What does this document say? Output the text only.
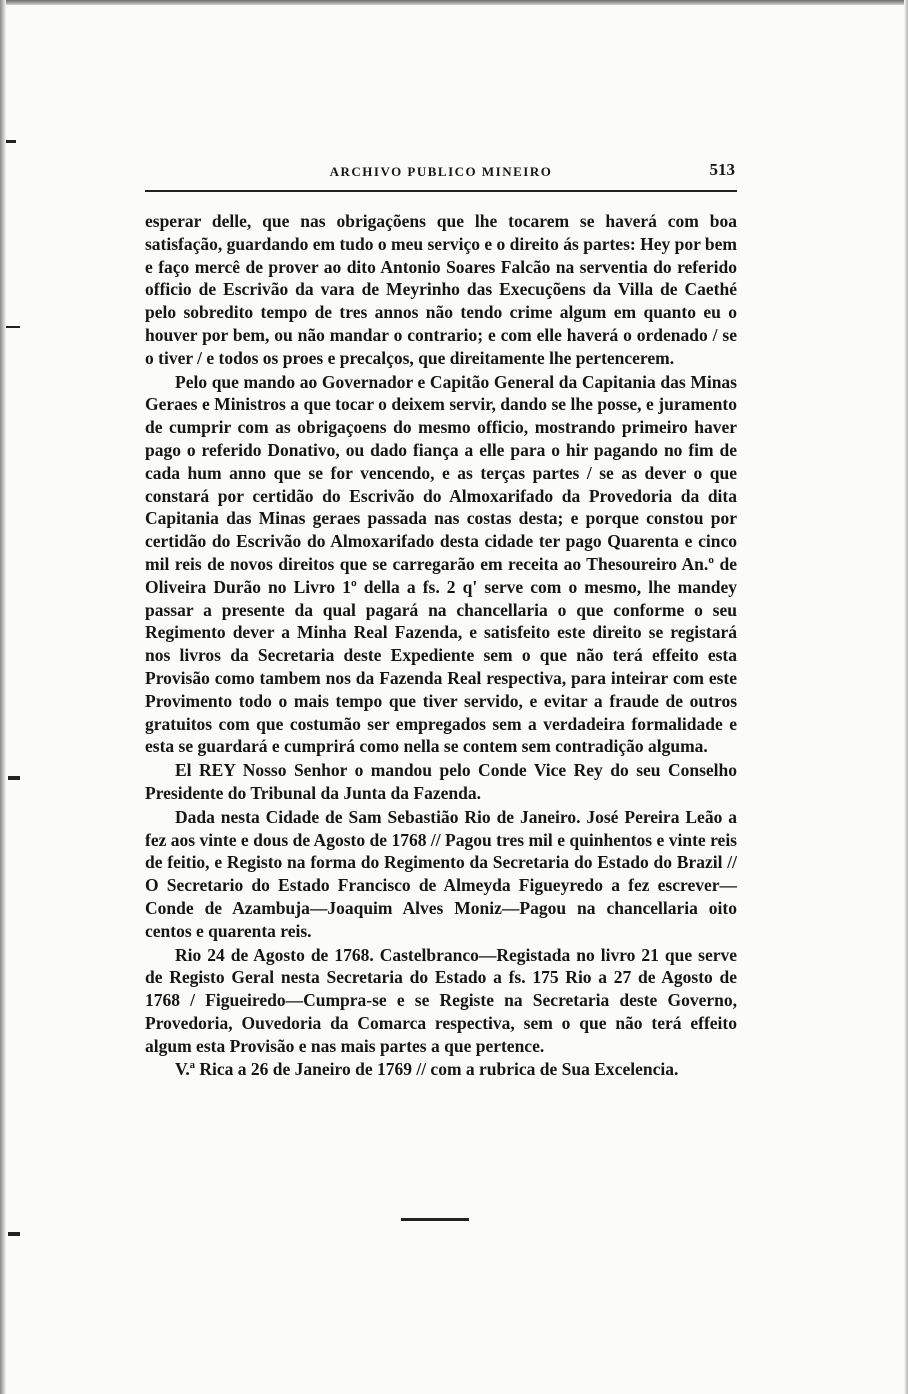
ARCHIVO PUBLICO MINEIRO	513

esperar delle, que nas obrigaçõens que lhe tocarem se haverá com boa satisfação, guardando em tudo o meu serviço e o direito ás partes: Hey por bem e faço mercê de prover ao dito Antonio Soares Falcão na serventia do referido officio de Escrivão da vara de Meyrinho das Execuçõens da Villa de Caethé pelo sobredito tempo de tres annos não tendo crime algum em quanto eu o houver por bem, ou não mandar o contrario; e com elle haverá o ordenado / se o tiver / e todos os proes e precalços, que direitamente lhe pertencerem.

Pelo que mando ao Governador e Capitão General da Capitania das Minas Geraes e Ministros a que tocar o deixem servir, dando se lhe posse, e juramento de cumprir com as obrigaçoens do mesmo officio, mostrando primeiro haver pago o referido Donativo, ou dado fiança a elle para o hir pagando no fim de cada hum anno que se for vencendo, e as terças partes / se as dever o que constará por certidão do Escrivão do Almoxarifado da Provedoria da dita Capitania das Minas geraes passada nas costas desta; e porque constou por certidão do Escrivão do Almoxarifado desta cidade ter pago Quarenta e cinco mil reis de novos direitos que se carregarão em receita ao Thesoureiro An.º de Oliveira Durão no Livro 1º della a fs. 2 q' serve com o mesmo, lhe mandey passar a presente da qual pagará na chancellaria o que conforme o seu Regimento dever a Minha Real Fazenda, e satisfeito este direito se registará nos livros da Secretaria deste Expediente sem o que não terá effeito esta Provisão como tambem nos da Fazenda Real respectiva, para inteirar com este Provimento todo o mais tempo que tiver servido, e evitar a fraude de outros gratuitos com que costumão ser empregados sem a verdadeira formalidade e esta se guardará e cumprirá como nella se contem sem contradição alguma.

El REY Nosso Senhor o mandou pelo Conde Vice Rey do seu Conselho Presidente do Tribunal da Junta da Fazenda.

Dada nesta Cidade de Sam Sebastião Rio de Janeiro. José Pereira Leão a fez aos vinte e dous de Agosto de 1768 // Pagou tres mil e quinhentos e vinte reis de feitio, e Registo na forma do Regimento da Secretaria do Estado do Brazil // O Secretario do Estado Francisco de Almeyda Figueyredo a fez escrever—Conde de Azambuja—Joaquim Alves Moniz—Pagou na chancellaria oito centos e quarenta reis.

Rio 24 de Agosto de 1768. Castelbranco—Registada no livro 21 que serve de Registo Geral nesta Secretaria do Estado a fs. 175 Rio a 27 de Agosto de 1768 / Figueiredo—Cumpra-se e se Registe na Secretaria deste Governo, Provedoria, Ouvedoria da Comarca respectiva, sem o que não terá effeito algum esta Provisão e nas mais partes a que pertence.

V.ª Rica a 26 de Janeiro de 1769 // com a rubrica de Sua Excelencia.
